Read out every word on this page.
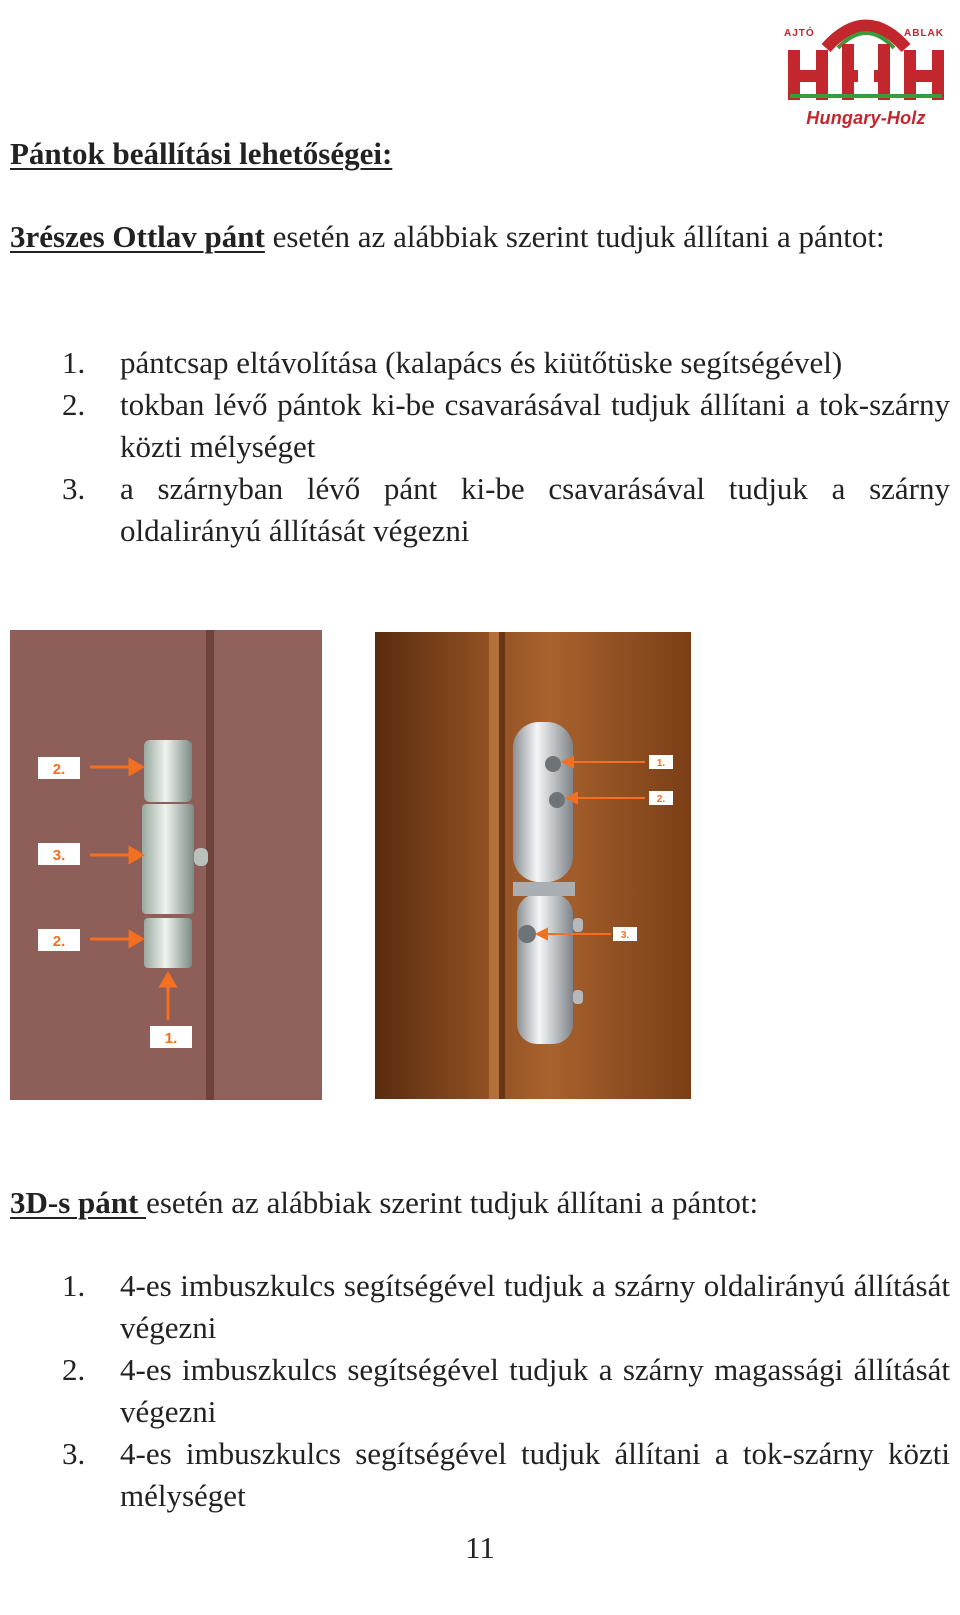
AJTÓ	ABLAK
Hungary-Holz
Pántok beállítási lehetőségei:
3részes Ottlav pánt esetén az alábbiak szerint tudjuk állítani a pántot:
1. pántcsap eltávolítása (kalapács és kiütőtüske segítségével)
2. tokban lévő pántok ki-be csavarásával tudjuk állítani a tok-szárny közti mélységet
3. a szárnyban lévő pánt ki-be csavarásával tudjuk a szárny oldalirányú állítását végezni
2.
3.
2.
1.
1.
2.
3.
3D-s pánt esetén az alábbiak szerint tudjuk állítani a pántot:
1. 4-es imbuszkulcs segítségével tudjuk a szárny oldalirányú állítását végezni
2. 4-es imbuszkulcs segítségével tudjuk a szárny magassági állítását végezni
3. 4-es imbuszkulcs segítségével tudjuk állítani a tok-szárny közti mélységet
11
